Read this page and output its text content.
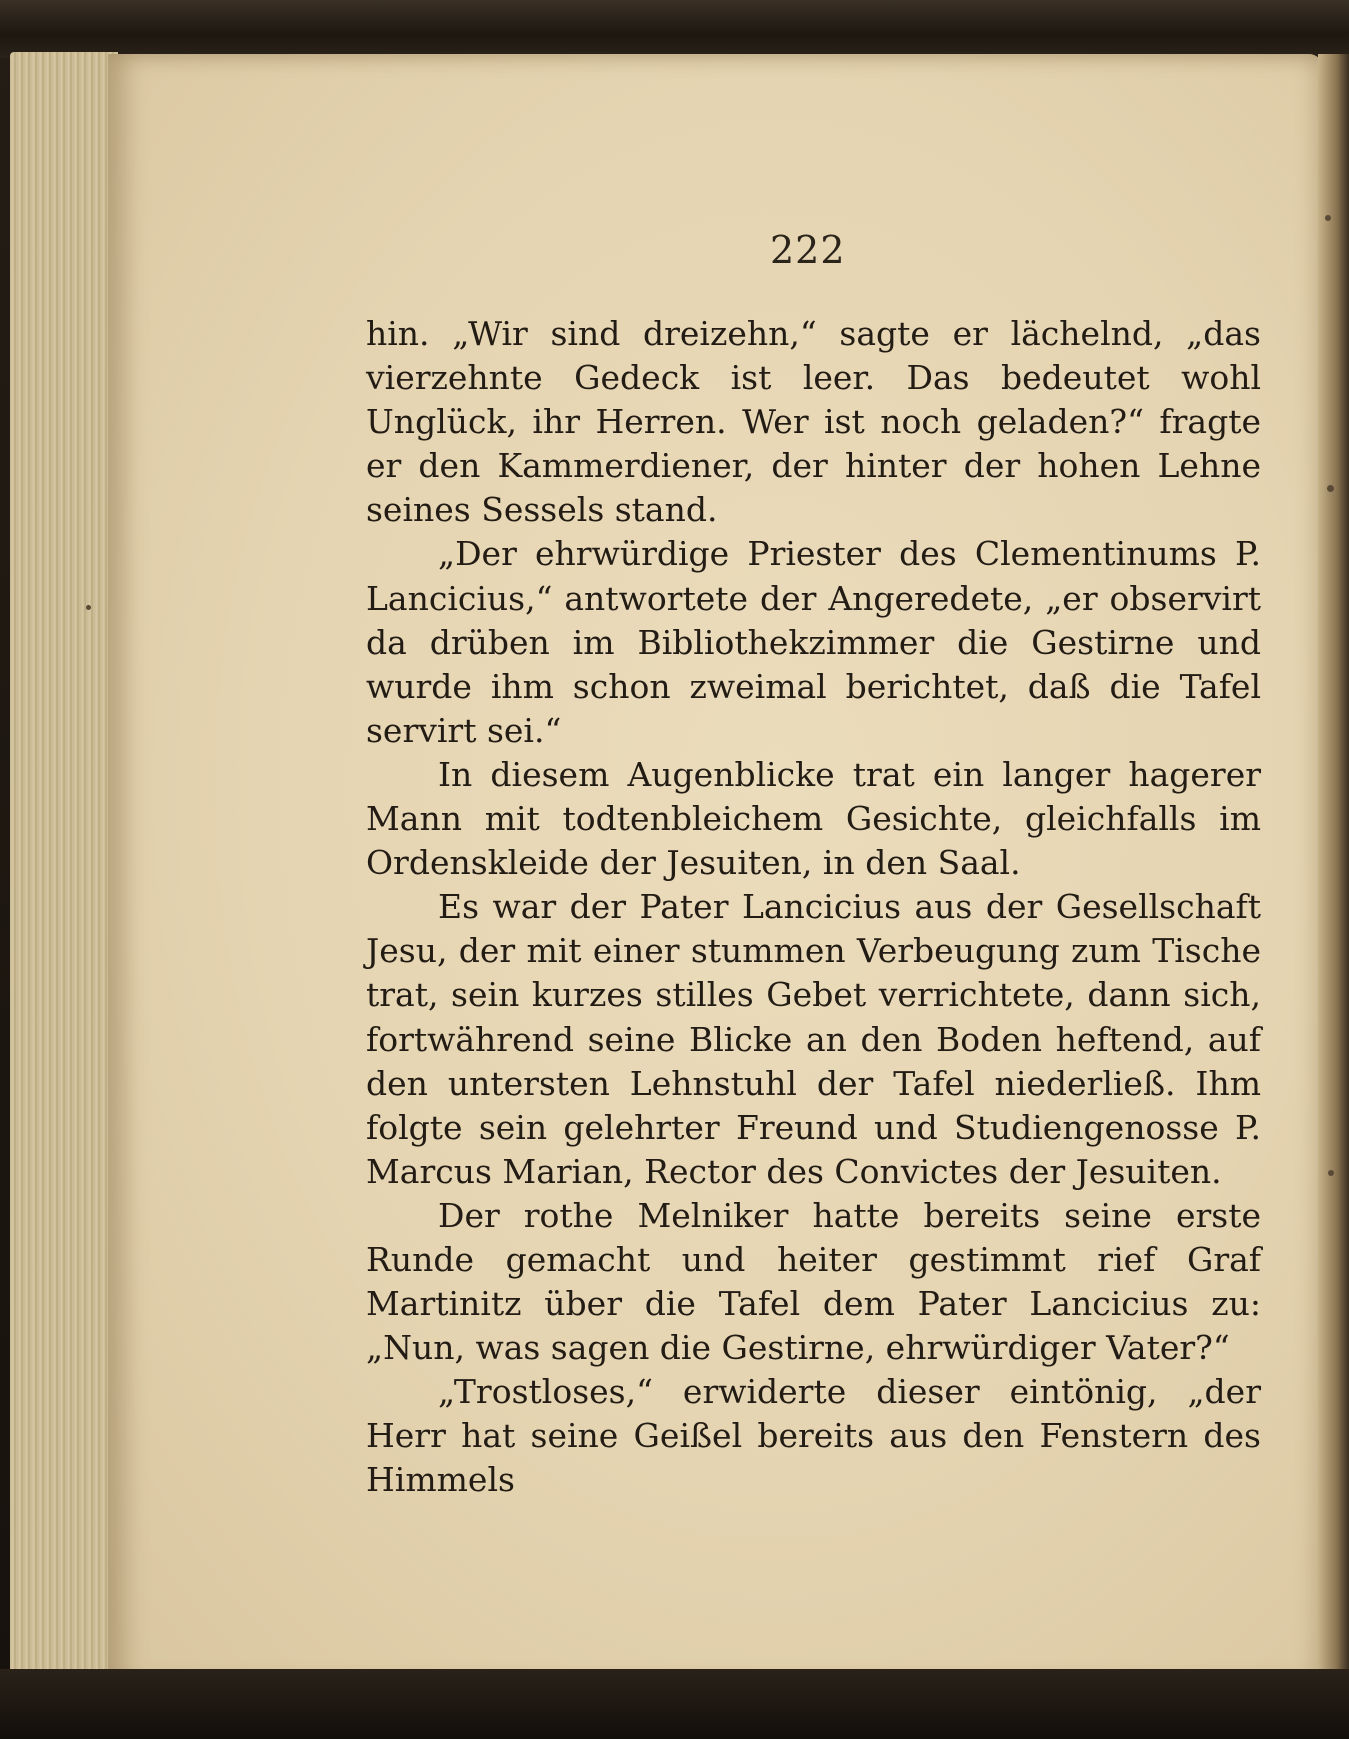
222

hin. „Wir sind dreizehn,“ sagte er lächelnd, „das vierzehnte Gedeck ist leer. Das bedeutet wohl Unglück, ihr Herren. Wer ist noch geladen?“ fragte er den Kammerdiener, der hinter der hohen Lehne seines Sessels stand.

„Der ehrwürdige Priester des Clementinums P. Lancicius,“ antwortete der Angeredete, „er observirt da drüben im Bibliothekzimmer die Gestirne und wurde ihm schon zweimal berichtet, daß die Tafel servirt sei.“

In diesem Augenblicke trat ein langer hagerer Mann mit todtenbleichem Gesichte, gleichfalls im Ordenskleide der Jesuiten, in den Saal.

Es war der Pater Lancicius aus der Gesellschaft Jesu, der mit einer stummen Verbeugung zum Tische trat, sein kurzes stilles Gebet verrichtete, dann sich, fortwährend seine Blicke an den Boden heftend, auf den untersten Lehnstuhl der Tafel niederließ. Ihm folgte sein gelehrter Freund und Studiengenosse P. Marcus Marian, Rector des Convictes der Jesuiten.

Der rothe Melniker hatte bereits seine erste Runde gemacht und heiter gestimmt rief Graf Martinitz über die Tafel dem Pater Lancicius zu: „Nun, was sagen die Gestirne, ehrwürdiger Vater?“

„Trostloses,“ erwiderte dieser eintönig, „der Herr hat seine Geißel bereits aus den Fenstern des Himmels
